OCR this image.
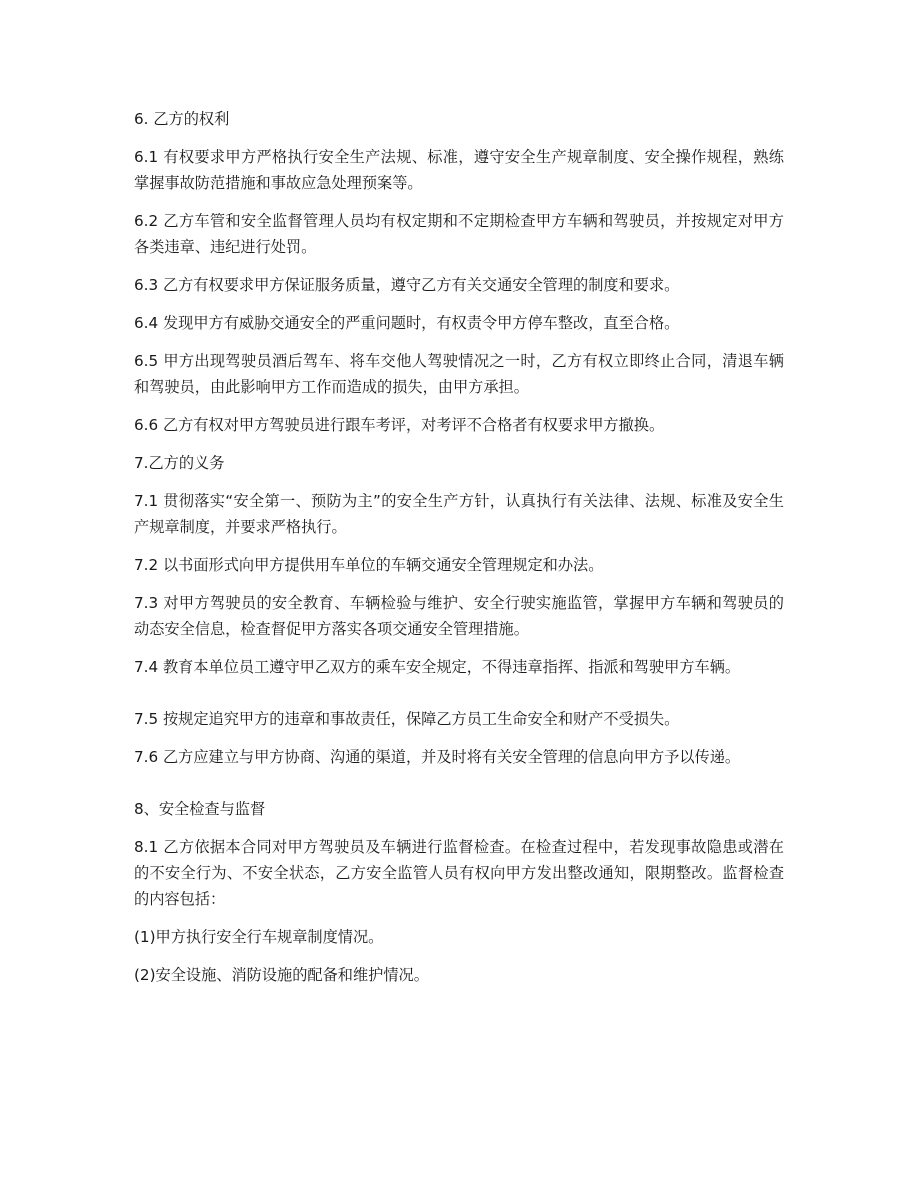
6. 乙方的权利

6.1 有权要求甲方严格执行安全生产法规、标准，遵守安全生产规章制度、安全操作规程，熟练掌握事故防范措施和事故应急处理预案等。

6.2 乙方车管和安全监督管理人员均有权定期和不定期检查甲方车辆和驾驶员，并按规定对甲方各类违章、违纪进行处罚。

6.3 乙方有权要求甲方保证服务质量，遵守乙方有关交通安全管理的制度和要求。

6.4 发现甲方有威胁交通安全的严重问题时，有权责令甲方停车整改，直至合格。

6.5 甲方出现驾驶员酒后驾车、将车交他人驾驶情况之一时，乙方有权立即终止合同，清退车辆和驾驶员，由此影响甲方工作而造成的损失，由甲方承担。

6.6 乙方有权对甲方驾驶员进行跟车考评，对考评不合格者有权要求甲方撤换。

7.乙方的义务

7.1 贯彻落实“安全第一、预防为主”的安全生产方针，认真执行有关法律、法规、标准及安全生产规章制度，并要求严格执行。

7.2 以书面形式向甲方提供用车单位的车辆交通安全管理规定和办法。

7.3 对甲方驾驶员的安全教育、车辆检验与维护、安全行驶实施监管，掌握甲方车辆和驾驶员的动态安全信息，检查督促甲方落实各项交通安全管理措施。

7.4 教育本单位员工遵守甲乙双方的乘车安全规定，不得违章指挥、指派和驾驶甲方车辆。

7.5 按规定追究甲方的违章和事故责任，保障乙方员工生命安全和财产不受损失。

7.6 乙方应建立与甲方协商、沟通的渠道，并及时将有关安全管理的信息向甲方予以传递。

8、安全检查与监督

8.1 乙方依据本合同对甲方驾驶员及车辆进行监督检查。在检查过程中，若发现事故隐患或潜在的不安全行为、不安全状态，乙方安全监管人员有权向甲方发出整改通知，限期整改。监督检查的内容包括：

(1)甲方执行安全行车规章制度情况。

(2)安全设施、消防设施的配备和维护情况。
